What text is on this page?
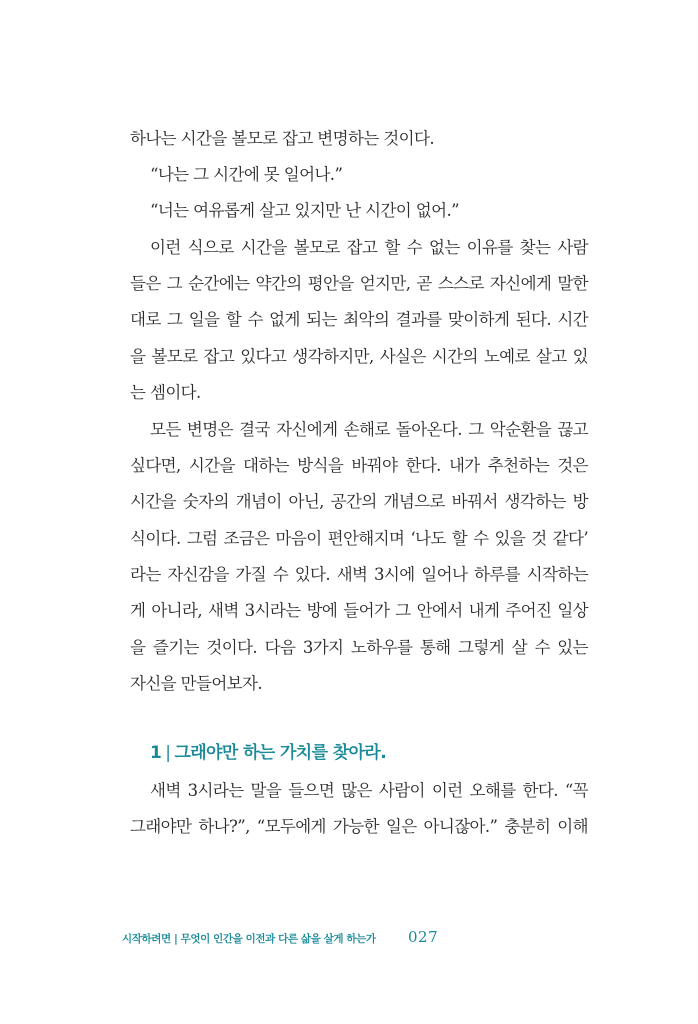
하나는 시간을 볼모로 잡고 변명하는 것이다.
“나는 그 시간에 못 일어나.”
“너는 여유롭게 살고 있지만 난 시간이 없어.”
이런 식으로 시간을 볼모로 잡고 할 수 없는 이유를 찾는 사람
들은 그 순간에는 약간의 평안을 얻지만, 곧 스스로 자신에게 말한
대로 그 일을 할 수 없게 되는 최악의 결과를 맞이하게 된다. 시간
을 볼모로 잡고 있다고 생각하지만, 사실은 시간의 노예로 살고 있
는 셈이다.
모든 변명은 결국 자신에게 손해로 돌아온다. 그 악순환을 끊고
싶다면, 시간을 대하는 방식을 바꿔야 한다. 내가 추천하는 것은
시간을 숫자의 개념이 아닌, 공간의 개념으로 바꿔서 생각하는 방
식이다. 그럼 조금은 마음이 편안해지며 ‘나도 할 수 있을 것 같다’
라는 자신감을 가질 수 있다. 새벽 3시에 일어나 하루를 시작하는
게 아니라, 새벽 3시라는 방에 들어가 그 안에서 내게 주어진 일상
을 즐기는 것이다. 다음 3가지 노하우를 통해 그렇게 살 수 있는
자신을 만들어보자.
새벽 3시라는 말을 들으면 많은 사람이 이런 오해를 한다. “꼭
그래야만 하나?”, “모두에게 가능한 일은 아니잖아.” 충분히 이해
1 | 그래야만 하는 가치를 찾아라.
시작하려면 | 무엇이 인간을 이전과 다른 삶을 살게 하는가 027
